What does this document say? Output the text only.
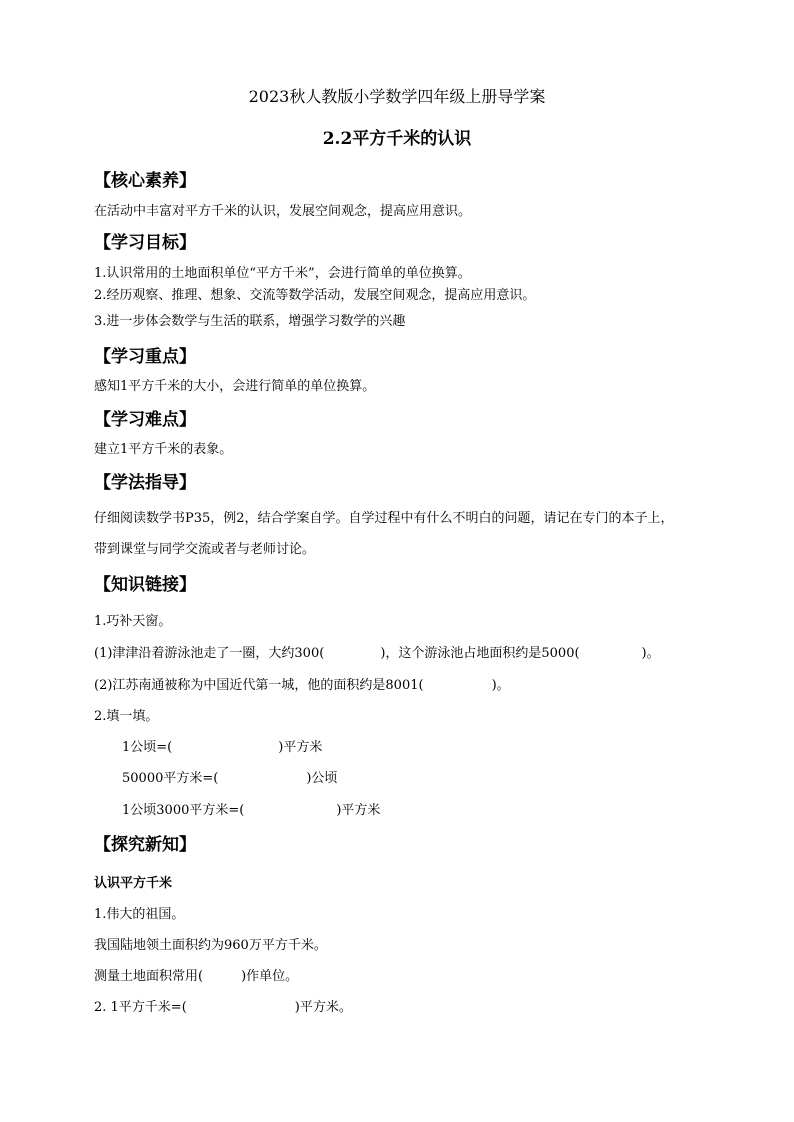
2023秋人教版小学数学四年级上册导学案
2.2平方千米的认识
【核心素养】
在活动中丰富对平方千米的认识，发展空间观念，提高应用意识。
【学习目标】
1.认识常用的土地面积单位“平方千米”，会进行简单的单位换算。
2.经历观察、推理、想象、交流等数学活动，发展空间观念，提高应用意识。
3.进一步体会数学与生活的联系，增强学习数学的兴趣
【学习重点】
感知1平方千米的大小，会进行简单的单位换算。
【学习难点】
建立1平方千米的表象。
【学法指导】
仔细阅读数学书P35，例2，结合学案自学。自学过程中有什么不明白的问题，请记在专门的本子上，
带到课堂与同学交流或者与老师讨论。
【知识链接】
1.巧补天窗。
(1)津津沿着游泳池走了一圈，大约300(	)，这个游泳池占地面积约是5000(	)。
(2)江苏南通被称为中国近代第一城，他的面积约是8001(	)。
2.填一填。
1公顷=(	)平方米
50000平方米=(	)公顷
1公顷3000平方米=(	)平方米
【探究新知】
认识平方千米
1.伟大的祖国。
我国陆地领土面积约为960万平方千米。
测量土地面积常用(	)作单位。
2. 1平方千米=(	)平方米。
